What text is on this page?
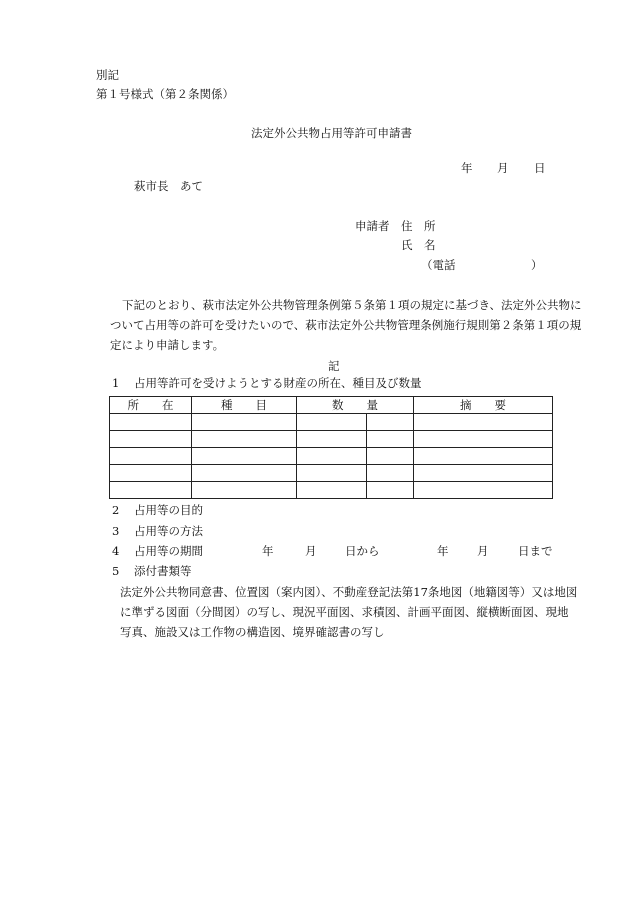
別記
第１号様式（第２条関係）
法定外公共物占用等許可申請書
年 月 日
萩市長　あて
申請者 住　所
氏　名
（電話	）
下記のとおり、萩市法定外公共物管理条例第５条第１項の規定に基づき、法定外公共物について占用等の許可を受けたいので、萩市法定外公共物管理条例施行規則第２条第１項の規定により申請します。
記
1 占用等許可を受けようとする財産の所在、種目及び数量
所　　在	種　　目	数　　量		摘　　要

2 占用等の目的
3 占用等の方法
4 占用等の期間	年	月 日から	年 月	日まで
5 添付書類等
法定外公共物同意書、位置図（案内図）、不動産登記法第17条地図（地籍図等）又は地図に準ずる図面（分間図）の写し、現況平面図、求積図、計画平面図、縦横断面図、現地写真、施設又は工作物の構造図、境界確認書の写し
